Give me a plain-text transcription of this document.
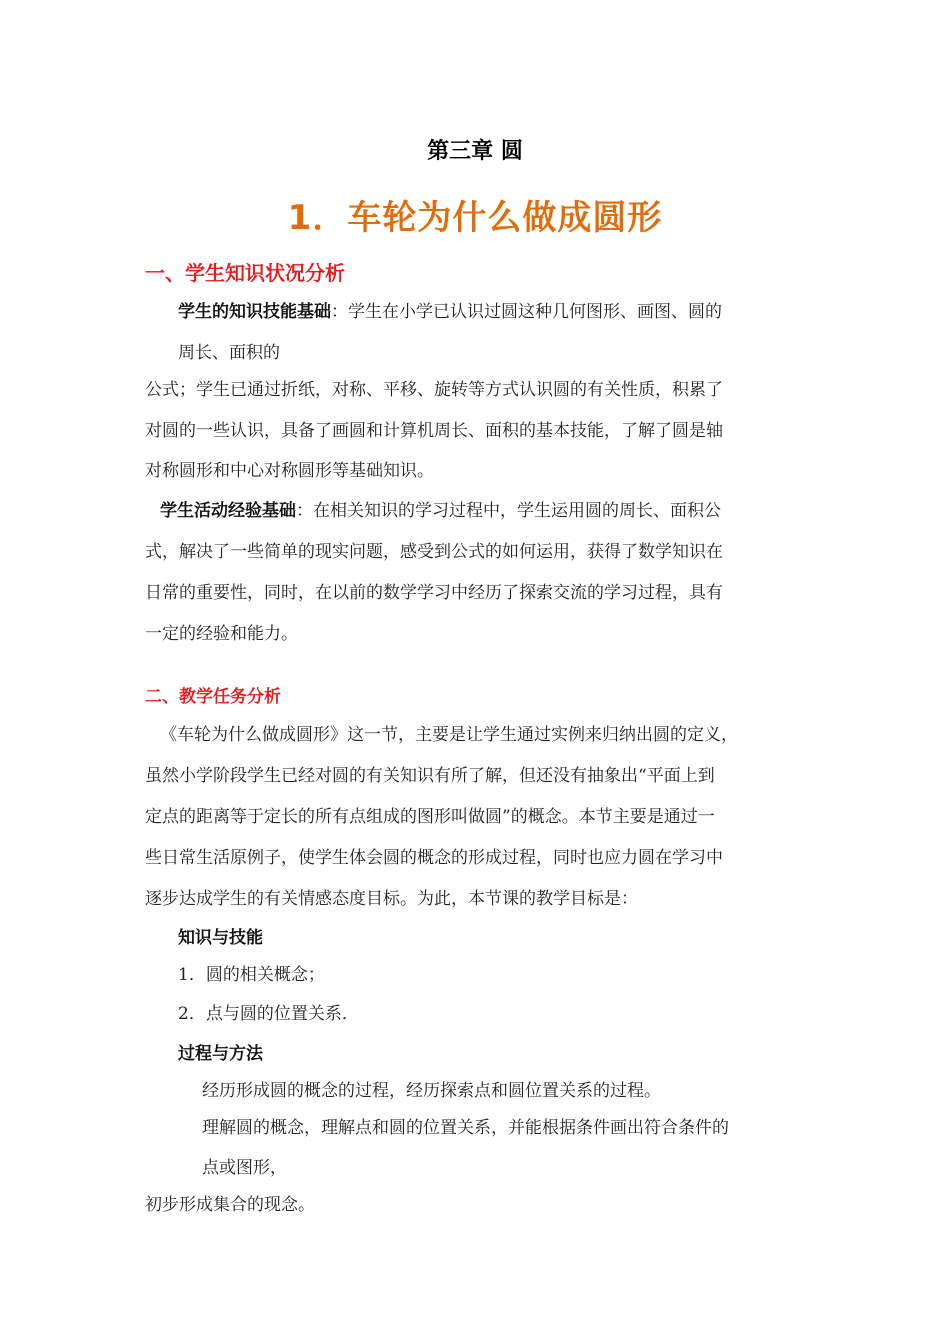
第三章 圆
1．车轮为什么做成圆形
一、学生知识状况分析
学生的知识技能基础：学生在小学已认识过圆这种几何图形、画图、圆的
周长、面积的
公式；学生已通过折纸，对称、平移、旋转等方式认识圆的有关性质，积累了
对圆的一些认识，具备了画圆和计算机周长、面积的基本技能，了解了圆是轴
对称圆形和中心对称圆形等基础知识。
学生活动经验基础：在相关知识的学习过程中，学生运用圆的周长、面积公
式，解决了一些简单的现实问题，感受到公式的如何运用，获得了数学知识在
日常的重要性，同时，在以前的数学学习中经历了探索交流的学习过程，具有
一定的经验和能力。
二、教学任务分析
《车轮为什么做成圆形》这一节，主要是让学生通过实例来归纳出圆的定义，
虽然小学阶段学生已经对圆的有关知识有所了解，但还没有抽象出“平面上到
定点的距离等于定长的所有点组成的图形叫做圆”的概念。本节主要是通过一
些日常生活原例子，使学生体会圆的概念的形成过程，同时也应力圆在学习中
逐步达成学生的有关情感态度目标。为此，本节课的教学目标是：
知识与技能
1．圆的相关概念；
2．点与圆的位置关系．
过程与方法
经历形成圆的概念的过程，经历探索点和圆位置关系的过程。
理解圆的概念，理解点和圆的位置关系，并能根据条件画出符合条件的
点或图形，
初步形成集合的现念。
